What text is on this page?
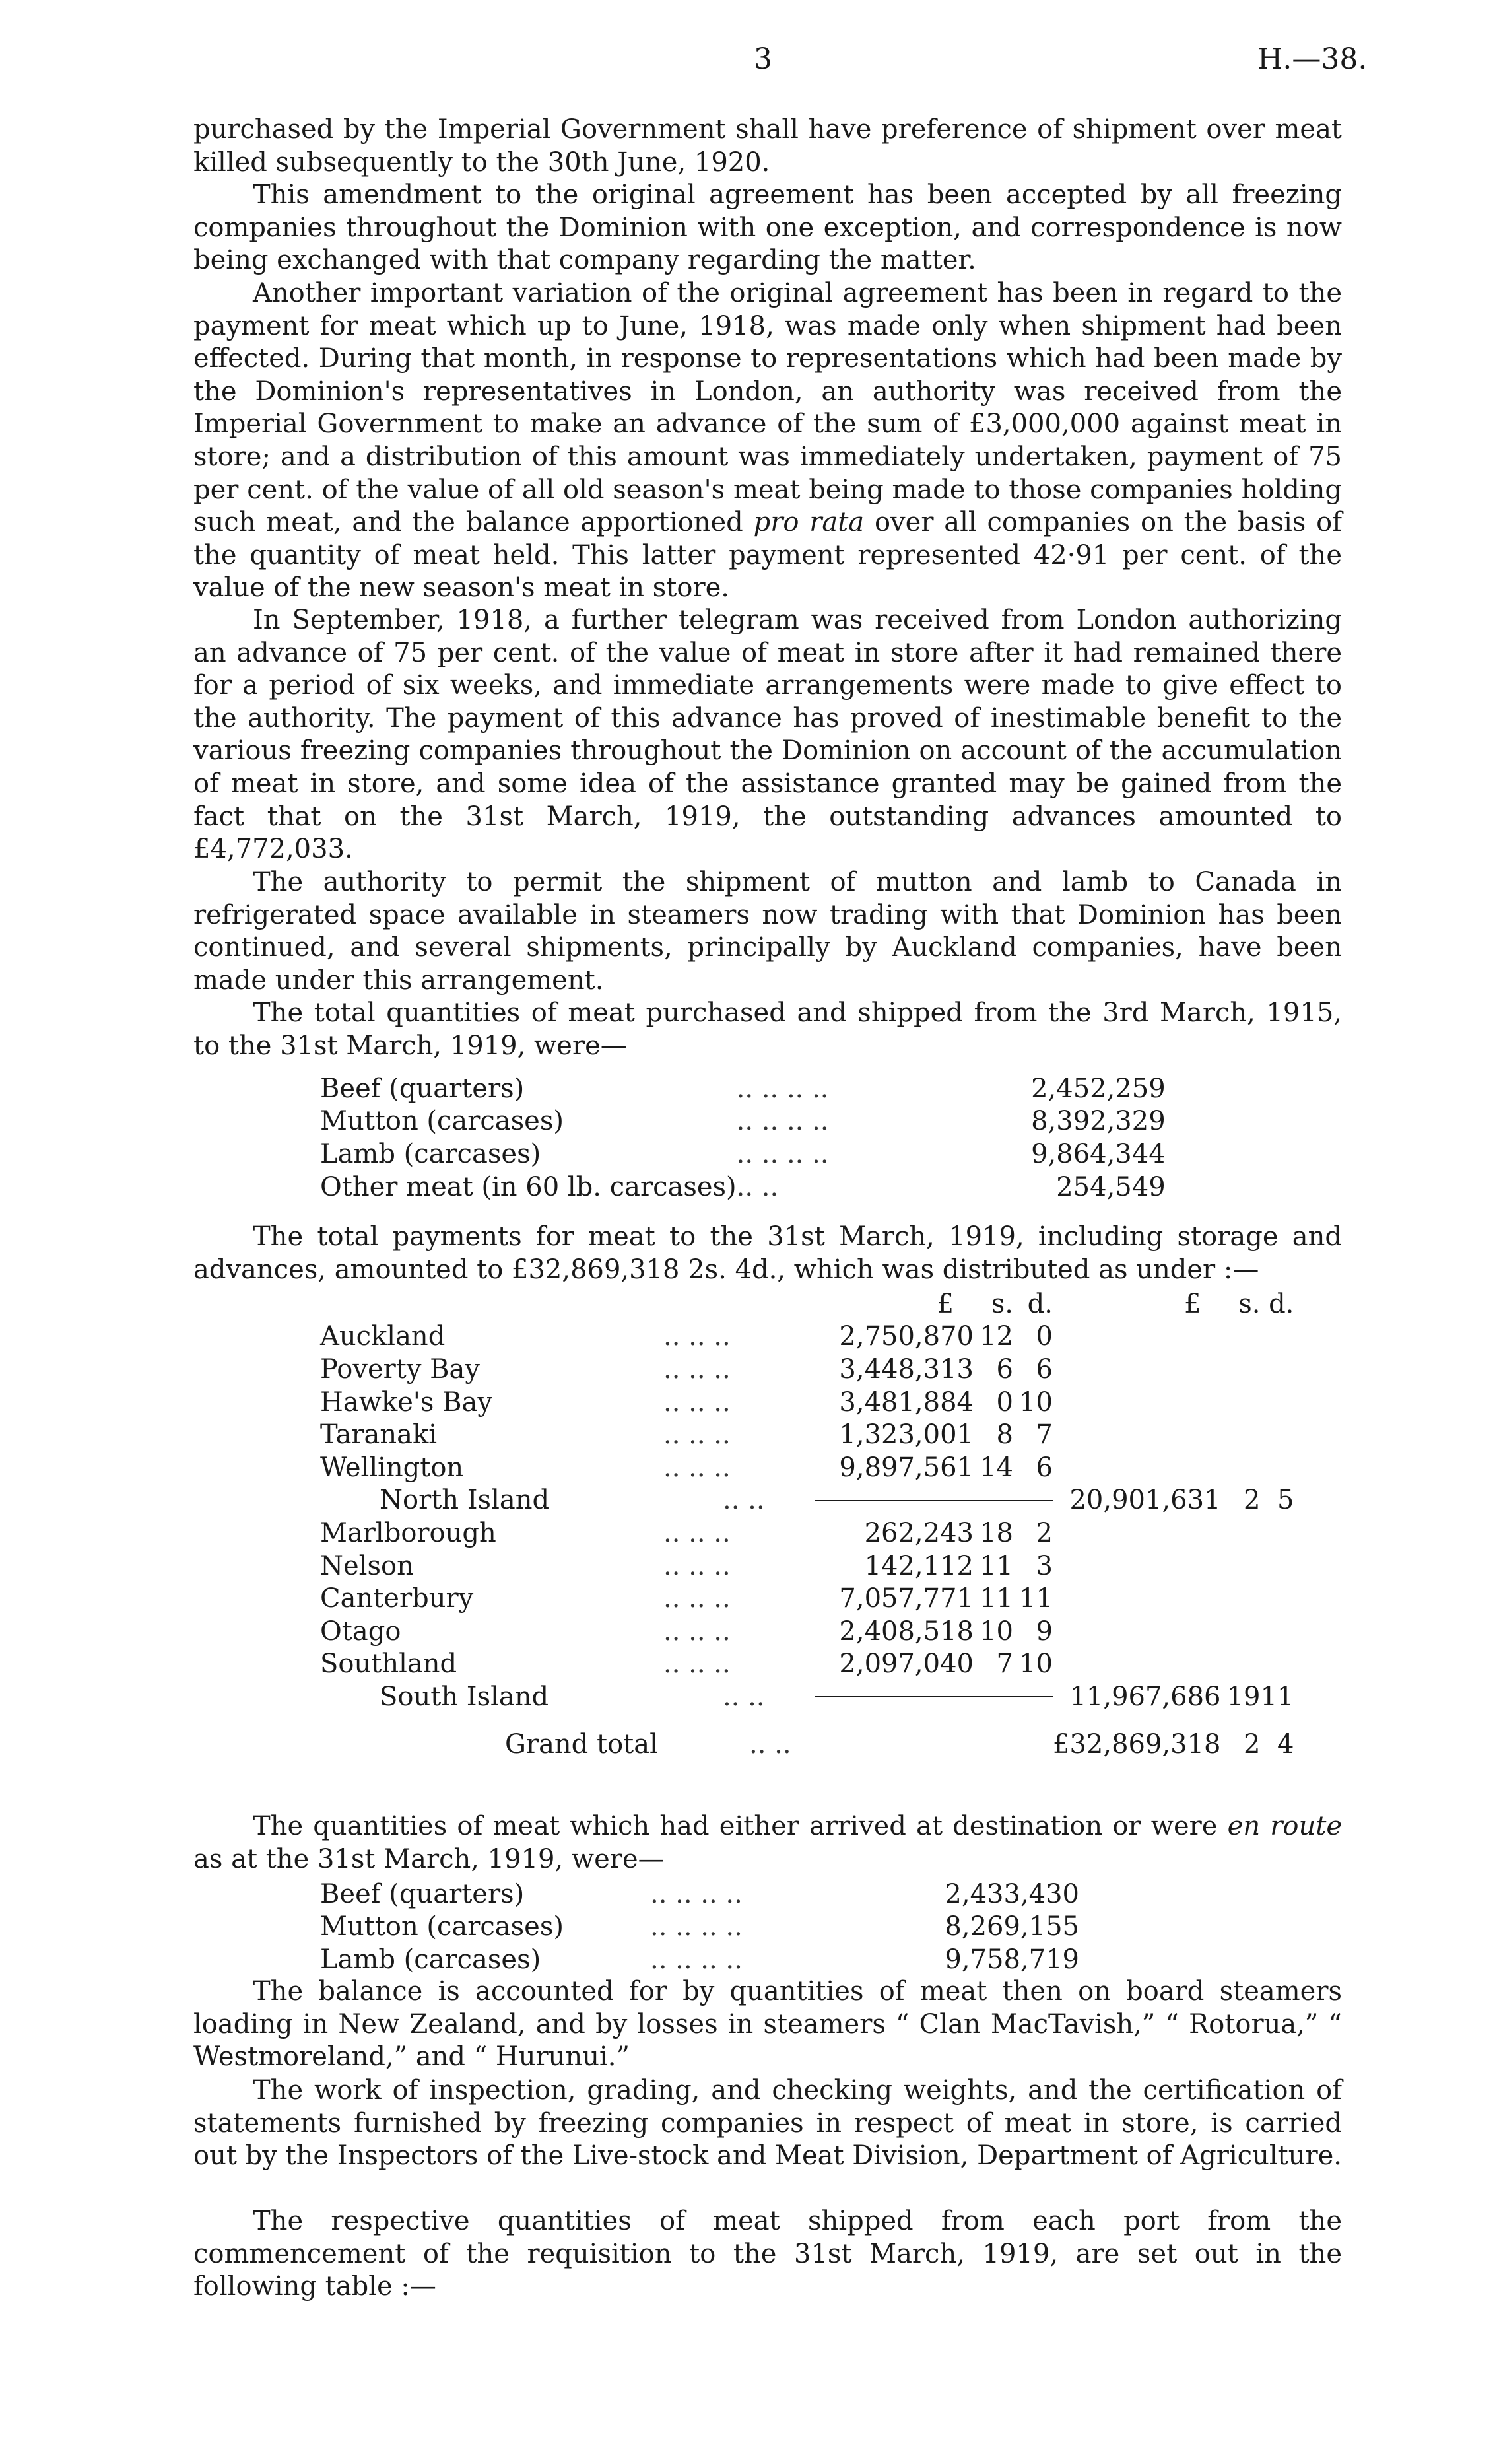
3	H.—38.

purchased by the Imperial Government shall have preference of shipment over meat killed subsequently to the 30th June, 1920.

This amendment to the original agreement has been accepted by all freezing companies throughout the Dominion with one exception, and correspondence is now being exchanged with that company regarding the matter.

Another important variation of the original agreement has been in regard to the payment for meat which up to June, 1918, was made only when shipment had been effected. During that month, in response to representations which had been made by the Dominion's representatives in London, an authority was received from the Imperial Government to make an advance of the sum of £3,000,000 against meat in store; and a distribution of this amount was immediately undertaken, payment of 75 per cent. of the value of all old season's meat being made to those companies holding such meat, and the balance apportioned pro rata over all companies on the basis of the quantity of meat held. This latter payment represented 42·91 per cent. of the value of the new season's meat in store.

In September, 1918, a further telegram was received from London authorizing an advance of 75 per cent. of the value of meat in store after it had remained there for a period of six weeks, and immediate arrangements were made to give effect to the authority. The payment of this advance has proved of inestimable benefit to the various freezing companies throughout the Dominion on account of the accumulation of meat in store, and some idea of the assistance granted may be gained from the fact that on the 31st March, 1919, the outstanding advances amounted to £4,772,033.

The authority to permit the shipment of mutton and lamb to Canada in refrigerated space available in steamers now trading with that Dominion has been continued, and several shipments, principally by Auckland companies, have been made under this arrangement.

The total quantities of meat purchased and shipped from the 3rd March, 1915, to the 31st March, 1919, were—

Beef (quarters)	.. .. .. ..	2,452,259
Mutton (carcases)	.. .. .. ..	8,392,329
Lamb (carcases)	.. .. .. ..	9,864,344
Other meat (in 60 lb. carcases)	.. ..	254,549

The total payments for meat to the 31st March, 1919, including storage and advances, amounted to £32,869,318 2s. 4d., which was distributed as under :—

		£	s.	d.	£	s.	d.
Auckland	.. .. ..	2,750,870	12	0			
Poverty Bay	.. .. ..	3,448,313	6	6			
Hawke's Bay	.. .. ..	3,481,884	0	10			
Taranaki	.. .. ..	1,323,001	8	7			
Wellington	.. .. ..	9,897,561	14	6			
North Island	.. ..				20,901,631	2	5
Marlborough	.. .. ..	262,243	18	2			
Nelson	.. .. ..	142,112	11	3			
Canterbury	.. .. ..	7,057,771	11	11			
Otago	.. .. ..	2,408,518	10	9			
Southland	.. .. ..	2,097,040	7	10			
South Island	.. ..				11,967,686	19	11

Grand total	.. ..				£32,869,318	2	4

The quantities of meat which had either arrived at destination or were en route as at the 31st March, 1919, were—

Beef (quarters)	.. .. .. ..	2,433,430
Mutton (carcases)	.. .. .. ..	8,269,155
Lamb (carcases)	.. .. .. ..	9,758,719

The balance is accounted for by quantities of meat then on board steamers loading in New Zealand, and by losses in steamers “ Clan MacTavish,” “ Rotorua,” “ Westmoreland,” and “ Hurunui.”

The work of inspection, grading, and checking weights, and the certification of statements furnished by freezing companies in respect of meat in store, is carried out by the Inspectors of the Live-stock and Meat Division, Department of Agriculture.

The respective quantities of meat shipped from each port from the commencement of the requisition to the 31st March, 1919, are set out in the following table :—
